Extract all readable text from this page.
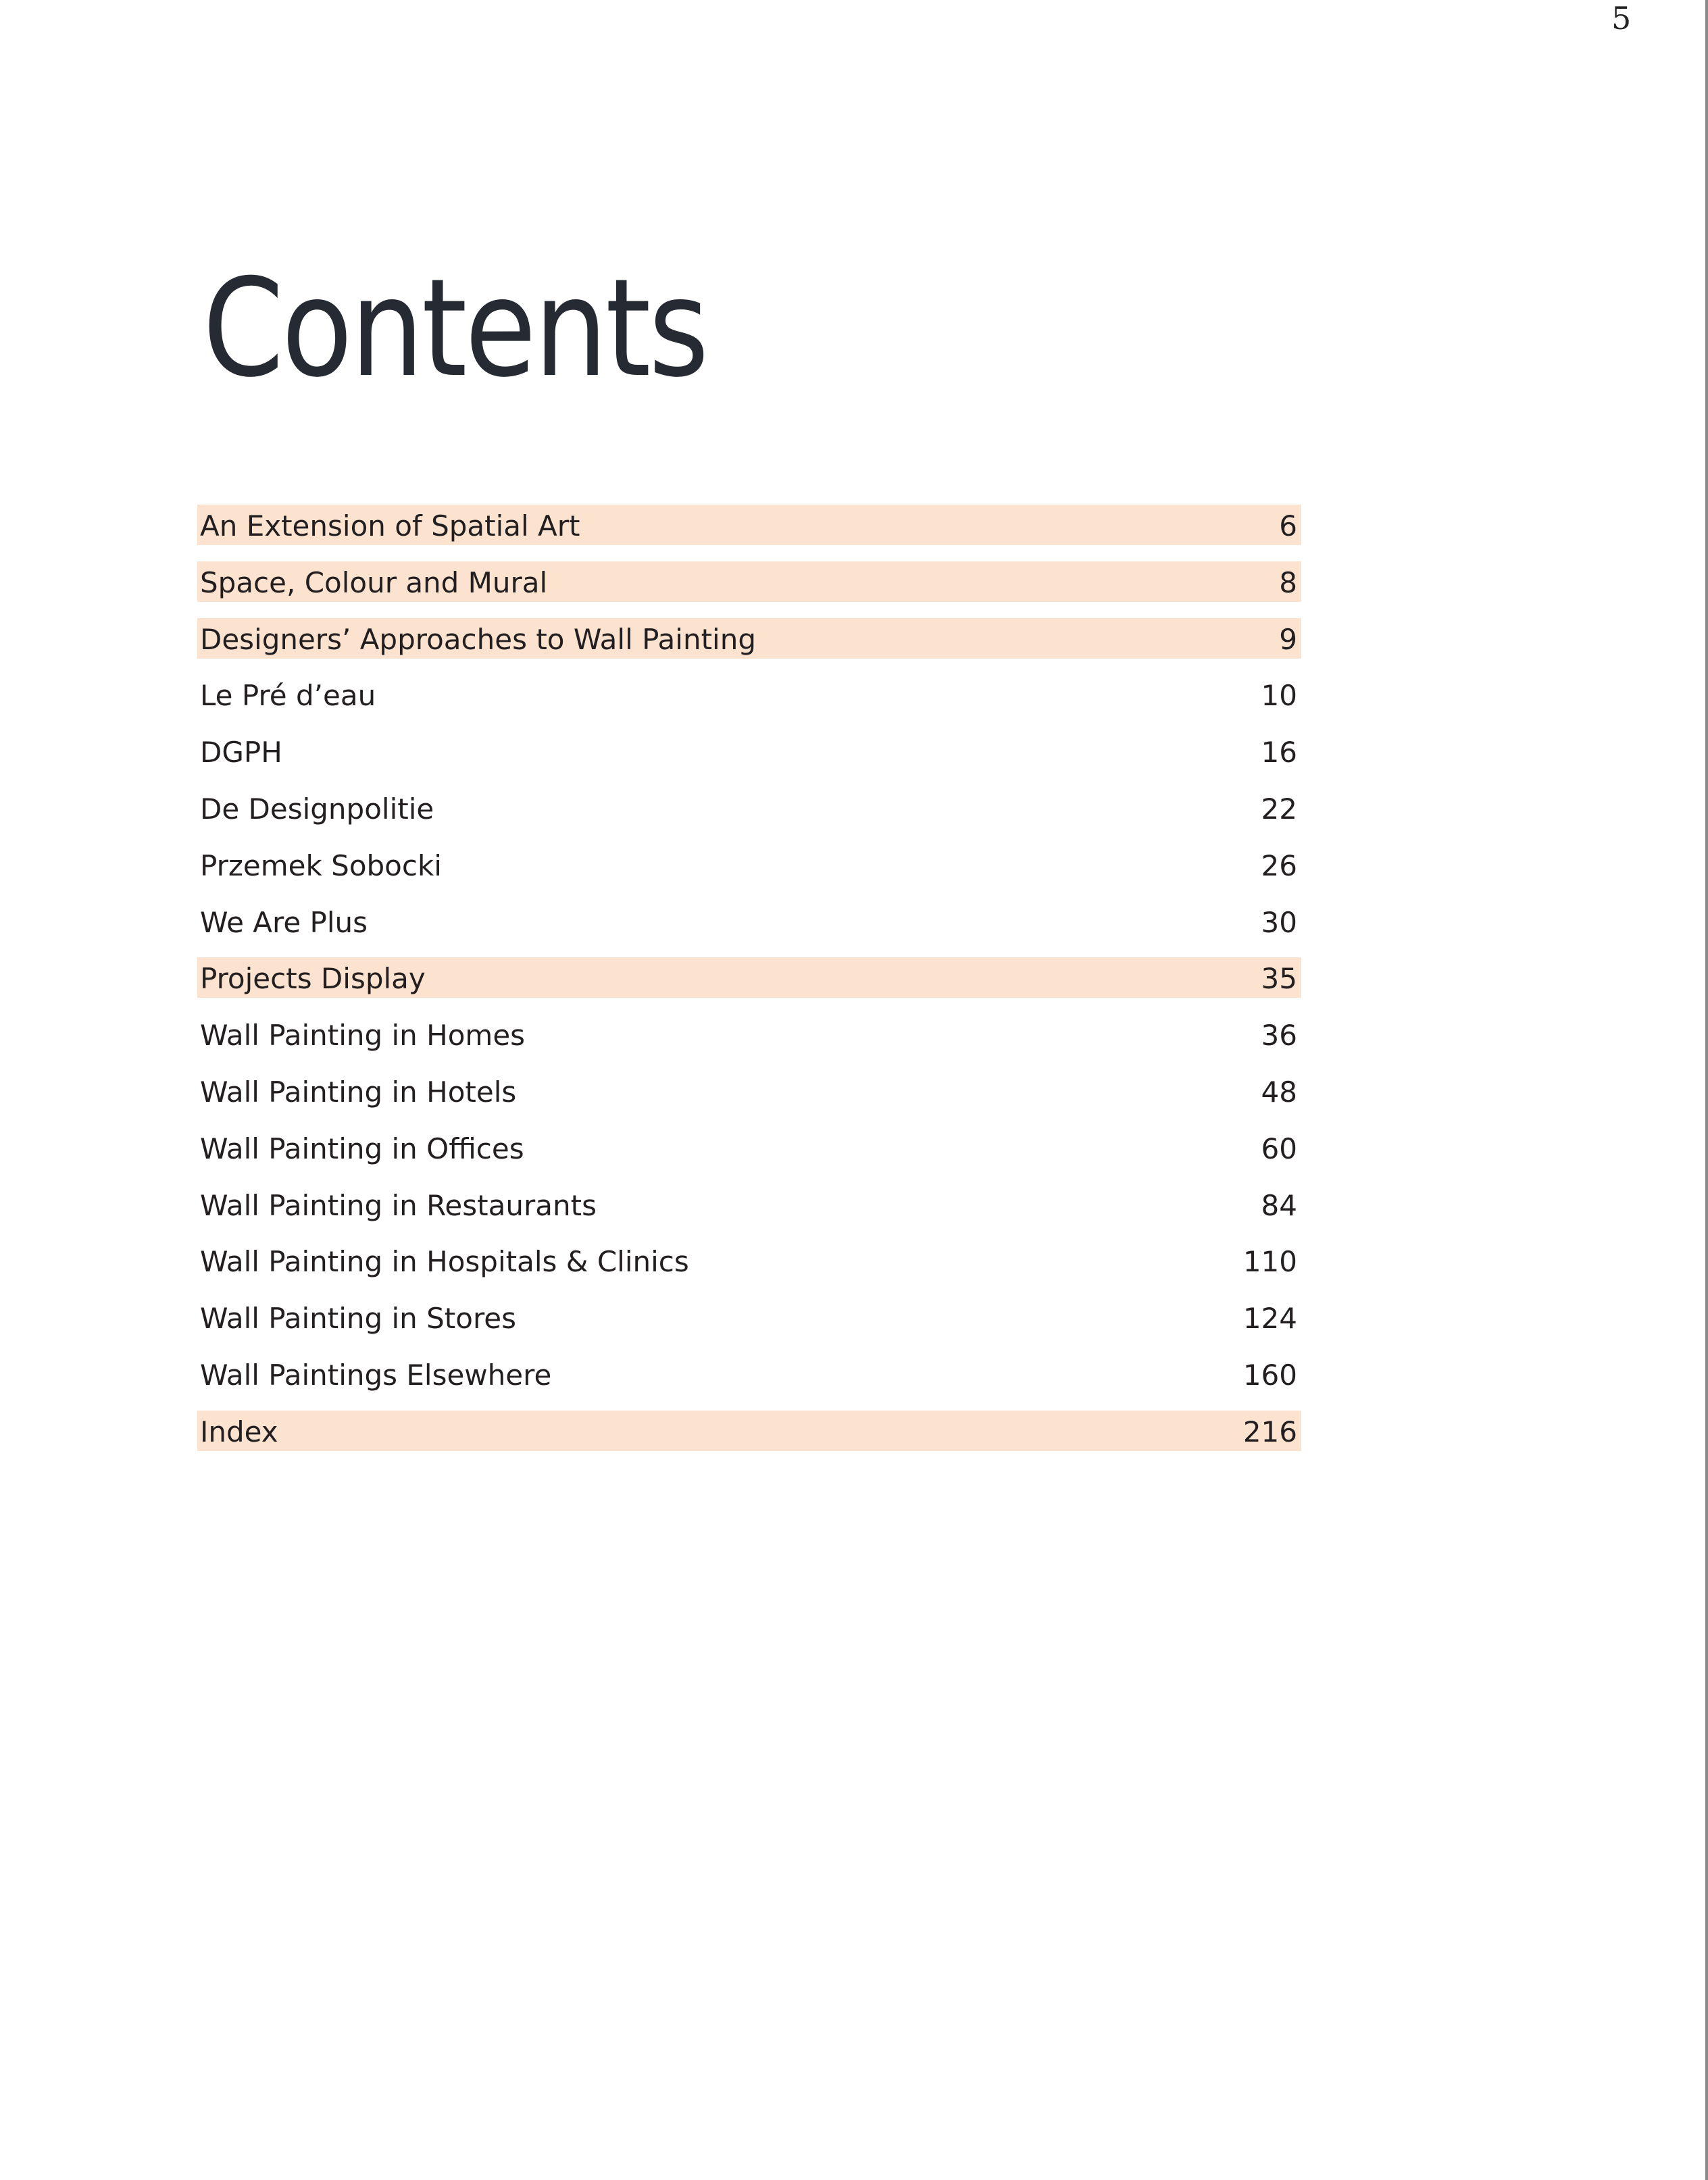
5
Contents
An Extension of Spatial Art	6
Space, Colour and Mural	8
Designers’ Approaches to Wall Painting	9
Le Pré d’eau	10
DGPH	16
De Designpolitie	22
Przemek Sobocki	26
We Are Plus	30
Projects Display	35
Wall Painting in Homes	36
Wall Painting in Hotels	48
Wall Painting in Offices	60
Wall Painting in Restaurants	84
Wall Painting in Hospitals & Clinics	110
Wall Painting in Stores	124
Wall Paintings Elsewhere	160
Index	216
